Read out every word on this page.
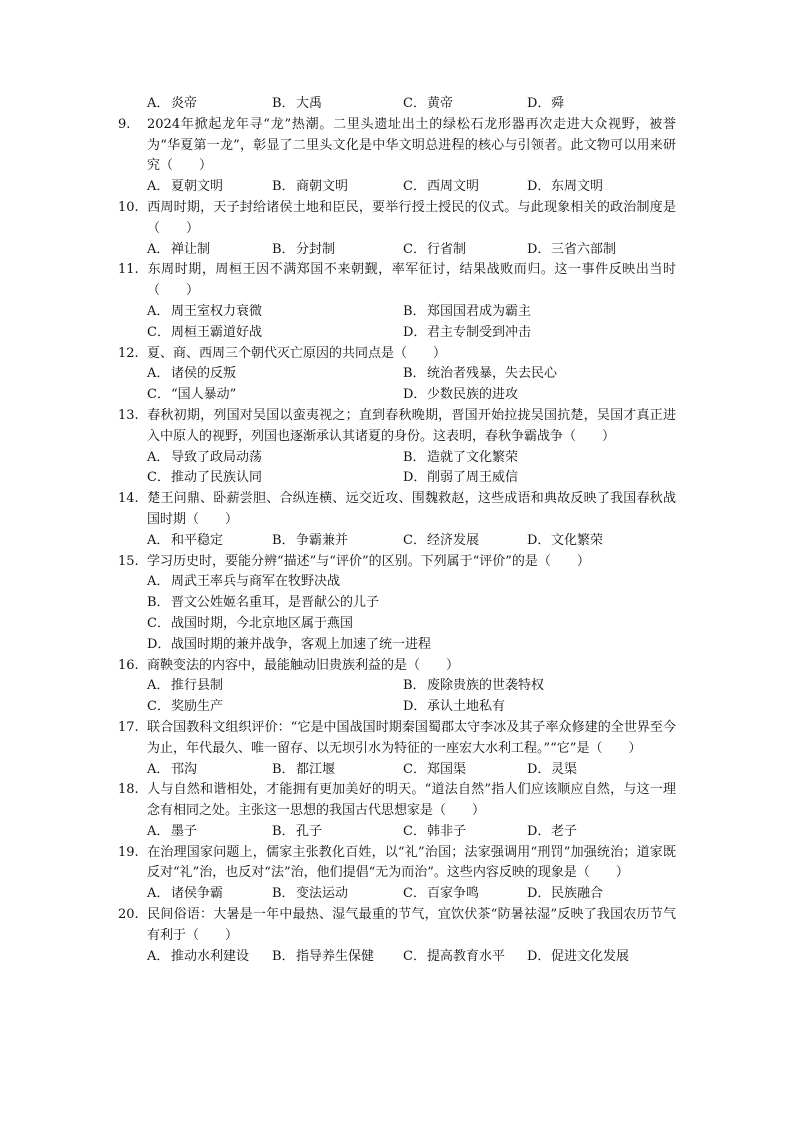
A． 炎帝	B．大禹	C．黄帝	D．舜

9. 2024年掀起龙年寻“龙”热潮。二里头遗址出土的绿松石龙形器再次走进大众视野，被誉为“华夏第一龙”，彰显了二里头文化是中华文明总进程的核心与引领者。此文物可以用来研究（　　）

A． 夏朝文明	B．商朝文明	C．西周文明	D．东周文明

10. 西周时期，天子封给诸侯土地和臣民，要举行授土授民的仪式。与此现象相关的政治制度是（　　）

A． 禅让制	B．分封制	C．行省制	D．三省六部制

11. 东周时期，周桓王因不满郑国不来朝觐，率军征讨，结果战败而归。这一事件反映出当时（　　）

A． 周王室权力衰微	B．郑国国君成为霸主
C．周桓王霸道好战	D．君主专制受到冲击

12. 夏、商、西周三个朝代灭亡原因的共同点是（　　）

A． 诸侯的反叛	B．统治者残暴，失去民心
C．“国人暴动”	D．少数民族的进攻

13. 春秋初期，列国对吴国以蛮夷视之；直到春秋晚期，晋国开始拉拢吴国抗楚，吴国才真正进入中原人的视野，列国也逐渐承认其诸夏的身份。这表明，春秋争霸战争（　　）

A． 导致了政局动荡	B．造就了文化繁荣
C．推动了民族认同	D．削弱了周王威信

14. 楚王问鼎、卧薪尝胆、合纵连横、远交近攻、围魏救赵，这些成语和典故反映了我国春秋战国时期（　　）

A． 和平稳定	B．争霸兼并	C．经济发展	D．文化繁荣

15. 学习历史时，要能分辨“描述”与“评价”的区别。下列属于“评价”的是（　　）

A． 周武王率兵与商军在牧野决战
B．晋文公姓姬名重耳，是晋献公的儿子
C．战国时期，今北京地区属于燕国
D．战国时期的兼并战争，客观上加速了统一进程

16. 商鞅变法的内容中，最能触动旧贵族利益的是（　　）

A． 推行县制	B．废除贵族的世袭特权
C．奖励生产	D．承认土地私有

17. 联合国教科文组织评价：“它是中国战国时期秦国蜀郡太守李冰及其子率众修建的全世界至今为止，年代最久、唯一留存、以无坝引水为特征的一座宏大水利工程。”“它”是（　　）

A． 邗沟	B．都江堰	C．郑国渠	D．灵渠

18. 人与自然和谐相处，才能拥有更加美好的明天。“道法自然”指人们应该顺应自然，与这一理念有相同之处。主张这一思想的我国古代思想家是（　　）

A． 墨子	B．孔子	C．韩非子	D．老子

19. 在治理国家问题上，儒家主张教化百姓，以“礼”治国；法家强调用“刑罚”加强统治；道家既反对“礼”治，也反对“法”治，他们提倡“无为而治”。这些内容反映的现象是（　　）

A． 诸侯争霸	B．变法运动	C．百家争鸣	D．民族融合

20. 民间俗语：大暑是一年中最热、湿气最重的节气，宜饮伏茶“防暑祛湿”反映了我国农历节气有利于（　　）

A． 推动水利建设 B．指导养生保健 C．提高教育水平 D．促进文化发展
